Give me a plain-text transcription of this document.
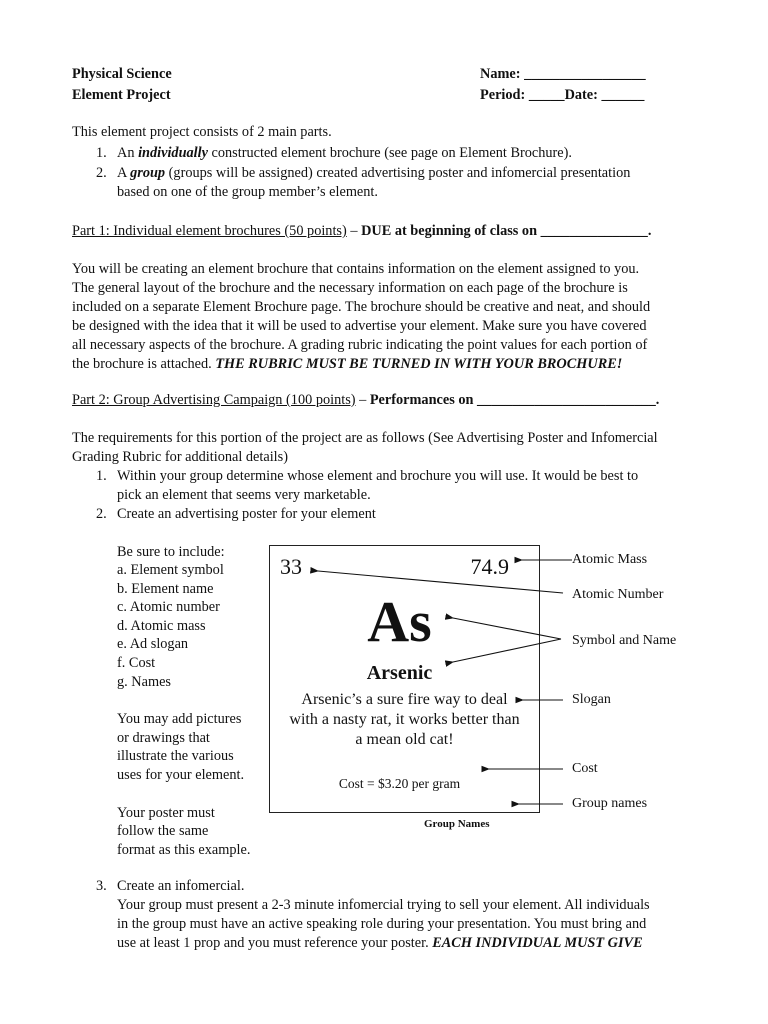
Physical Science
Element Project
Name: _________________
Period: _____Date: ______
This element project consists of 2 main parts.
1. An individually constructed element brochure (see page on Element Brochure).
2. A group (groups will be assigned) created advertising poster and infomercial presentation
based on one of the group member’s element.
Part 1: Individual element brochures (50 points) – DUE at beginning of class on _______________.
You will be creating an element brochure that contains information on the element assigned to you.
The general layout of the brochure and the necessary information on each page of the brochure is
included on a separate Element Brochure page. The brochure should be creative and neat, and should
be designed with the idea that it will be used to advertise your element. Make sure you have covered
all necessary aspects of the brochure. A grading rubric indicating the point values for each portion of
the brochure is attached. THE RUBRIC MUST BE TURNED IN WITH YOUR BROCHURE!
Part 2: Group Advertising Campaign (100 points) – Performances on _________________________.
The requirements for this portion of the project are as follows (See Advertising Poster and Infomercial
Grading Rubric for additional details)
1. Within your group determine whose element and brochure you will use. It would be best to
pick an element that seems very marketable.
2. Create an advertising poster for your element
Be sure to include:
a. Element symbol
b. Element name
c. Atomic number
d. Atomic mass
e. Ad slogan
f. Cost
g. Names
You may add pictures
or drawings that
illustrate the various
uses for your element.
Your poster must
follow the same
format as this example.
33	74.9
As
Arsenic
Arsenic’s a sure fire way to deal
with a nasty rat, it works better than
a mean old cat!
Cost = $3.20 per gram
Group Names
Atomic Mass
Atomic Number
Symbol and Name
Slogan
Cost
Group names
3. Create an infomercial.
Your group must present a 2-3 minute infomercial trying to sell your element. All individuals
in the group must have an active speaking role during your presentation. You must bring and
use at least 1 prop and you must reference your poster. EACH INDIVIDUAL MUST GIVE
